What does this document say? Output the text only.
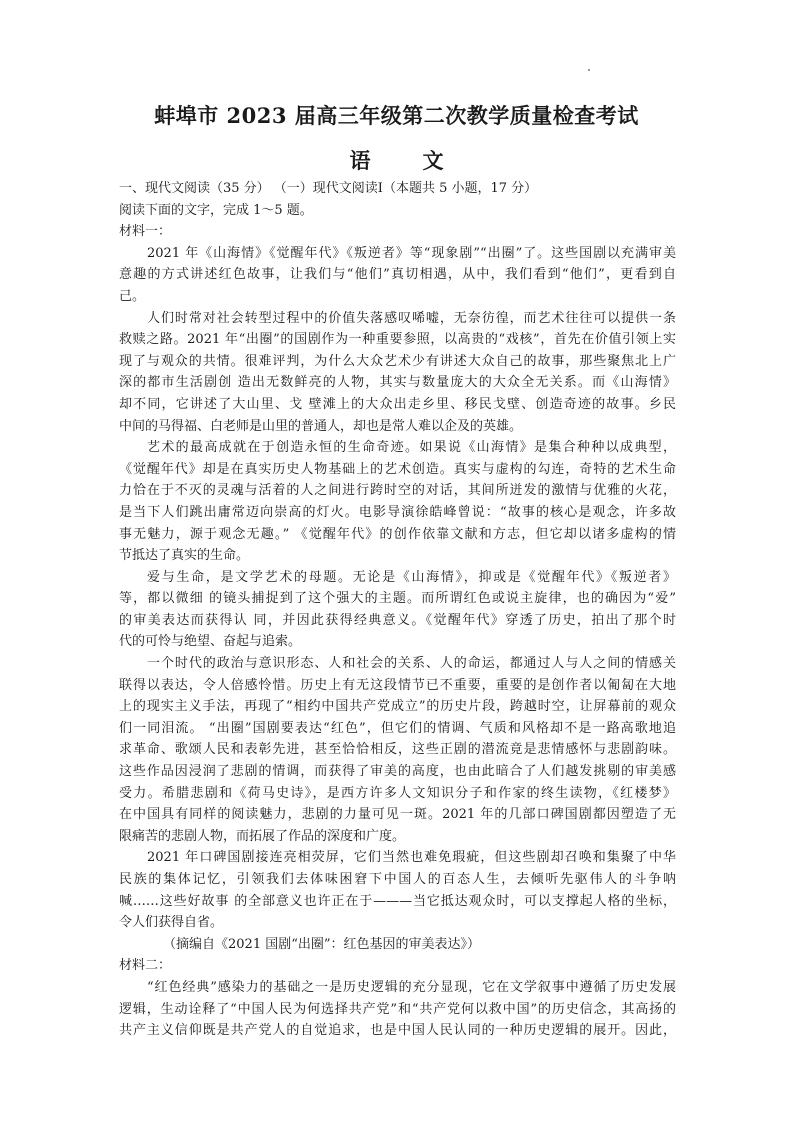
蚌埠市 2023 届高三年级第二次教学质量检查考试
语 文
一、现代文阅读（35 分） （一）现代文阅读Ⅰ（本题共 5 小题，17 分）
阅读下面的文字，完成 1～5 题。
材料一：
2021 年《山海情》《觉醒年代》《叛逆者》等“现象剧”“出圈”了。这些国剧以充满审美
意趣的方式讲述红色故事，让我们与“他们”真切相遇，从中，我们看到“他们”，更看到自
己。
人们时常对社会转型过程中的价值失落感叹唏嘘，无奈彷徨，而艺术往往可以提供一条
救赎之路。2021 年“出圈”的国剧作为一种重要参照，以高贵的“戏核”，首先在价值引领上实
现了与观众的共情。很难评判，为什么大众艺术少有讲述大众自己的故事，那些聚焦北上广
深的都市生活剧创 造出无数鲜亮的人物，其实与数量庞大的大众全无关系。而《山海情》
却不同，它讲述了大山里、戈 壁滩上的大众出走乡里、移民戈壁、创造奇迹的故事。乡民
中间的马得福、白老师是山里的普通人，却也是常人难以企及的英雄。
艺术的最高成就在于创造永恒的生命奇迹。如果说《山海情》是集合种种以成典型，
《觉醒年代》却是在真实历史人物基础上的艺术创造。真实与虚构的勾连，奇特的艺术生命
力恰在于不灭的灵魂与活着的人之间进行跨时空的对话，其间所迸发的激情与优雅的火花，
是当下人们跳出庸常迈向崇高的灯火。电影导演徐皓峰曾说：“故事的核心是观念，许多故
事无魅力，源于观念无趣。” 《觉醒年代》的创作依靠文献和方志，但它却以诸多虚构的情
节抵达了真实的生命。
爱与生命，是文学艺术的母题。无论是《山海情》，抑或是《觉醒年代》《叛逆者》
等，都以微细 的镜头捕捉到了这个强大的主题。而所谓红色或说主旋律，也的确因为“爱”
的审美表达而获得认 同，并因此获得经典意义。《觉醒年代》穿透了历史，拍出了那个时
代的可怜与绝望、奋起与追索。
一个时代的政治与意识形态、人和社会的关系、人的命运，都通过人与人之间的情感关
联得以表达，令人倍感怜惜。历史上有无这段情节已不重要，重要的是创作者以匍匐在大地
上的现实主义手法，再现了“相约中国共产党成立”的历史片段，跨越时空，让屏幕前的观众
们一同泪流。 “出圈”国剧要表达“红色”，但它们的情调、气质和风格却不是一路高歌地追
求革命、歌颂人民和表彰先进，甚至恰恰相反，这些正剧的潜流竟是悲情感怀与悲剧韵味。
这些作品因浸润了悲剧的情调，而获得了审美的高度，也由此暗合了人们越发挑剔的审美感
受力。希腊悲剧和《荷马史诗》，是西方许多人文知识分子和作家的终生读物，《红楼梦》
在中国具有同样的阅读魅力，悲剧的力量可见一斑。2021 年的几部口碑国剧都因塑造了无
限痛苦的悲剧人物，而拓展了作品的深度和广度。
2021 年口碑国剧接连亮相荧屏，它们当然也难免瑕疵，但这些剧却召唤和集聚了中华
民族的集体记忆，引领我们去体味困窘下中国人的百态人生，去倾听先驱伟人的斗争呐
喊……这些好故事 的全部意义也许正在于———当它抵达观众时，可以支撑起人格的坐标，
令人们获得自省。
（摘编自《2021 国剧“出圈”：红色基因的审美表达》）
材料二：
“红色经典”感染力的基础之一是历史逻辑的充分显现，它在文学叙事中遵循了历史发展
逻辑，生动诠释了“中国人民为何选择共产党”和“共产党何以救中国”的历史信念，其高扬的
共产主义信仰既是共产党人的自觉追求，也是中国人民认同的一种历史逻辑的展开。因此，
